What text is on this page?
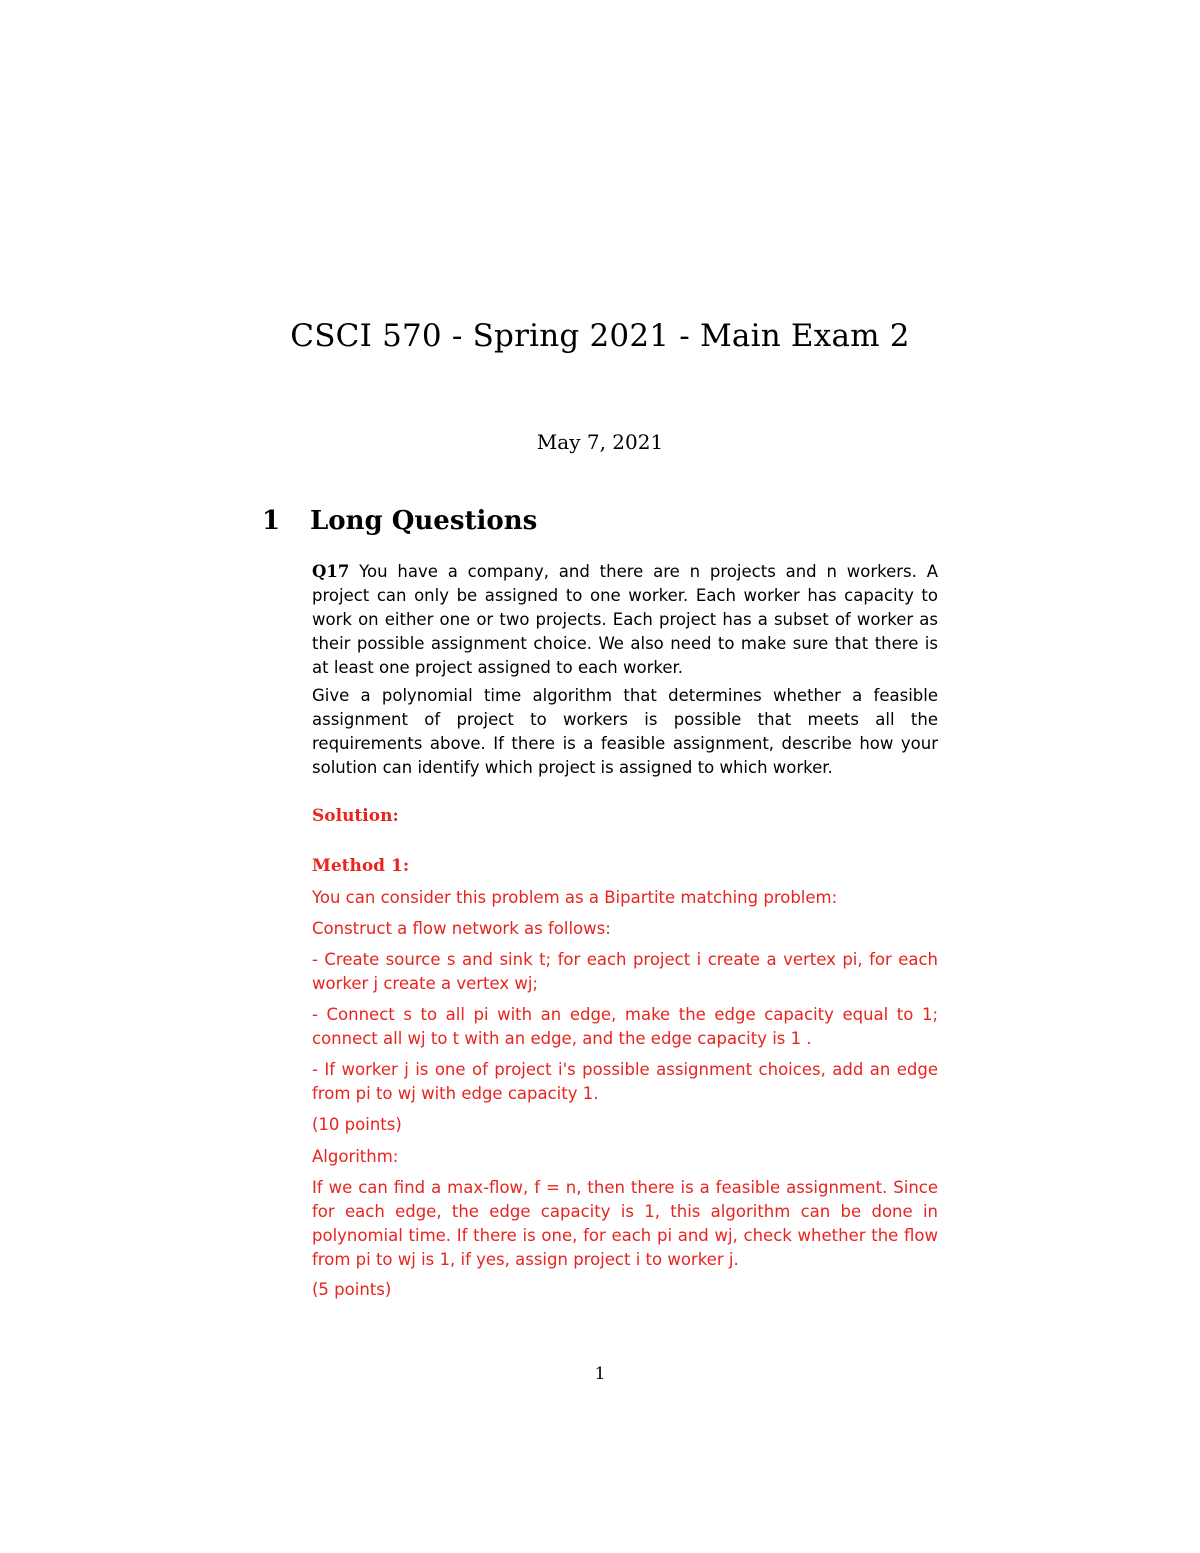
CSCI 570 - Spring 2021 - Main Exam 2
May 7, 2021
1 Long Questions
Q17 You have a company, and there are n projects and n workers. A project can only be assigned to one worker. Each worker has capacity to work on either one or two projects. Each project has a subset of worker as their possible assignment choice. We also need to make sure that there is at least one project assigned to each worker.
Give a polynomial time algorithm that determines whether a feasible assignment of project to workers is possible that meets all the requirements above. If there is a feasible assignment, describe how your solution can identify which project is assigned to which worker.
Solution:
Method 1:
You can consider this problem as a Bipartite matching problem:
Construct a flow network as follows:
- Create source s and sink t; for each project i create a vertex pi, for each worker j create a vertex wj;
- Connect s to all pi with an edge, make the edge capacity equal to 1; connect all wj to t with an edge, and the edge capacity is 1 .
- If worker j is one of project i's possible assignment choices, add an edge from pi to wj with edge capacity 1.
(10 points)
Algorithm:
If we can find a max-flow, f = n, then there is a feasible assignment. Since for each edge, the edge capacity is 1, this algorithm can be done in polynomial time. If there is one, for each pi and wj, check whether the flow from pi to wj is 1, if yes, assign project i to worker j.
(5 points)
1
